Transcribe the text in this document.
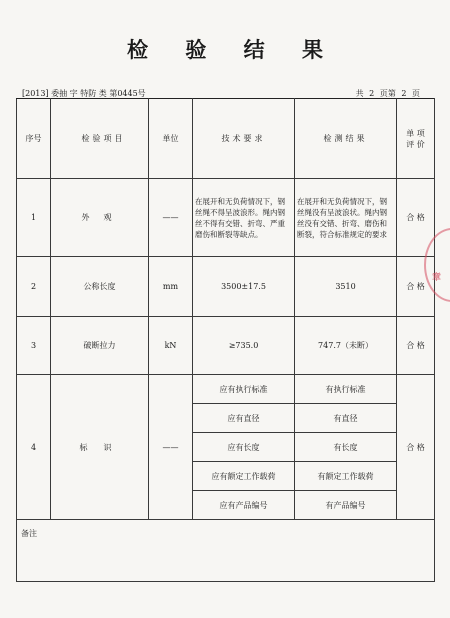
检 验 结 果
[2013] 委抽 字 特防 类 第0445号	共 2 页第 2 页
序号	检验项目	单位	技术要求	检测结果	单 项
评 价

1	外观	——	在展开和无负荷情况下，钢丝绳不得呈波浪形。绳内钢丝不得有交错、折弯、严重磨伤和断裂等缺点。	在展开和无负荷情况下，钢丝绳没有呈波浪状。绳内钢丝没有交错、折弯、磨伤和断裂，符合标准规定的要求	合 格
2	公称长度	mm	3500±17.5	3510	合 格
3	破断拉力	kN	≥735.0	747.7（未断）	合 格
4	标识	——	应有执行标准	有执行标准	合 格
			应有直径	有直径	
			应有长度	有长度	
			应有额定工作载荷	有额定工作载荷	
			应有产品编号	有产品编号	
备注					
章
